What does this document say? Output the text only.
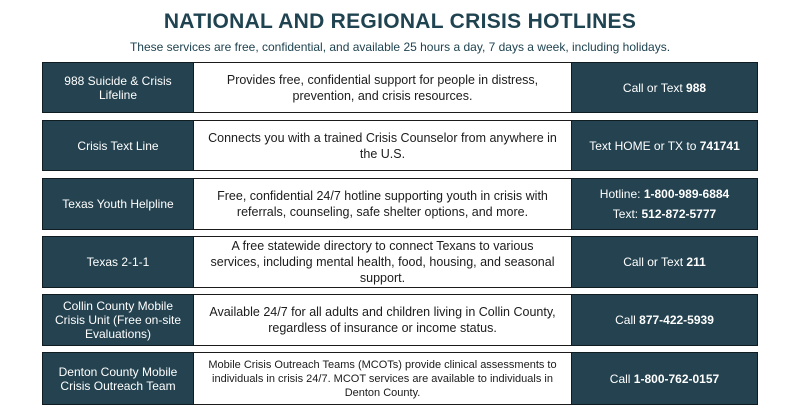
NATIONAL AND REGIONAL CRISIS HOTLINES
These services are free, confidential, and available 25 hours a day, 7 days a week, including holidays.
988 Suicide & Crisis Lifeline
Provides free, confidential support for people in distress, prevention, and crisis resources.
Call or Text 988
Crisis Text Line
Connects you with a trained Crisis Counselor from anywhere in the U.S.
Text HOME or TX to 741741
Texas Youth Helpline
Free, confidential 24/7 hotline supporting youth in crisis with referrals, counseling, safe shelter options, and more.
Hotline: 1-800-989-6884
Text: 512-872-5777
Texas 2-1-1
A free statewide directory to connect Texans to various services, including mental health, food, housing, and seasonal support.
Call or Text 211
Collin County Mobile Crisis Unit (Free on-site Evaluations)
Available 24/7 for all adults and children living in Collin County, regardless of insurance or income status.
Call 877-422-5939
Denton County Mobile Crisis Outreach Team
Mobile Crisis Outreach Teams (MCOTs) provide clinical assessments to individuals in crisis 24/7. MCOT services are available to individuals in Denton County.
Call 1-800-762-0157
